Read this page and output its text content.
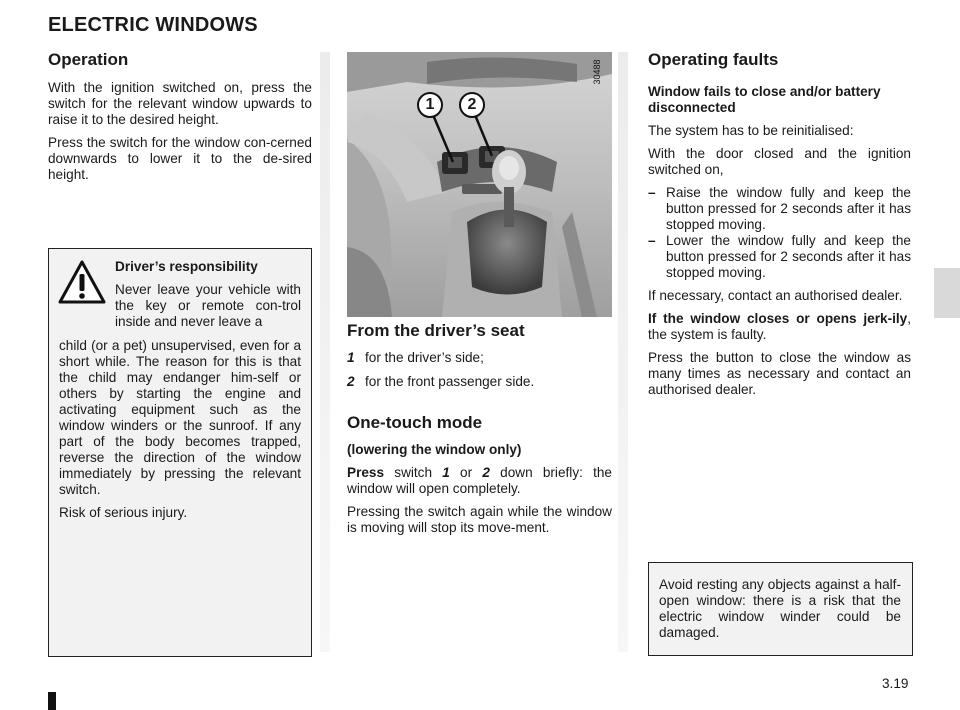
ELECTRIC WINDOWS
Operation

With the ignition switched on, press the switch for the relevant window upwards to raise it to the desired height.

Press the switch for the window con-cerned downwards to lower it to the de-sired height.

Driver’s responsibility

Never leave your vehicle with the key or remote con-trol inside and never leave a

child (or a pet) unsupervised, even for a short while. The reason for this is that the child may endanger him-self or others by starting the engine and activating equipment such as the window winders or the sunroof. If any part of the body becomes trapped, reverse the direction of the window immediately by pressing the relevant switch.

Risk of serious injury.

30488
1	2
From the driver’s seat
1 for the driver’s side;
2 for the front passenger side.
One-touch mode
(lowering the window only)

Press switch 1 or 2 down briefly: the window will open completely.

Pressing the switch again while the window is moving will stop its move-ment.

Operating faults
Window fails to close and/or battery disconnected

The system has to be reinitialised:

With the door closed and the ignition switched on,

– Raise the window fully and keep the button pressed for 2 seconds after it has stopped moving.
– Lower the window fully and keep the button pressed for 2 seconds after it has stopped moving.

If necessary, contact an authorised dealer.

If the window closes or opens jerk-ily, the system is faulty.

Press the button to close the window as many times as necessary and contact an authorised dealer.

Avoid resting any objects against a half-open window: there is a risk that the electric window winder could be damaged.

3.19
